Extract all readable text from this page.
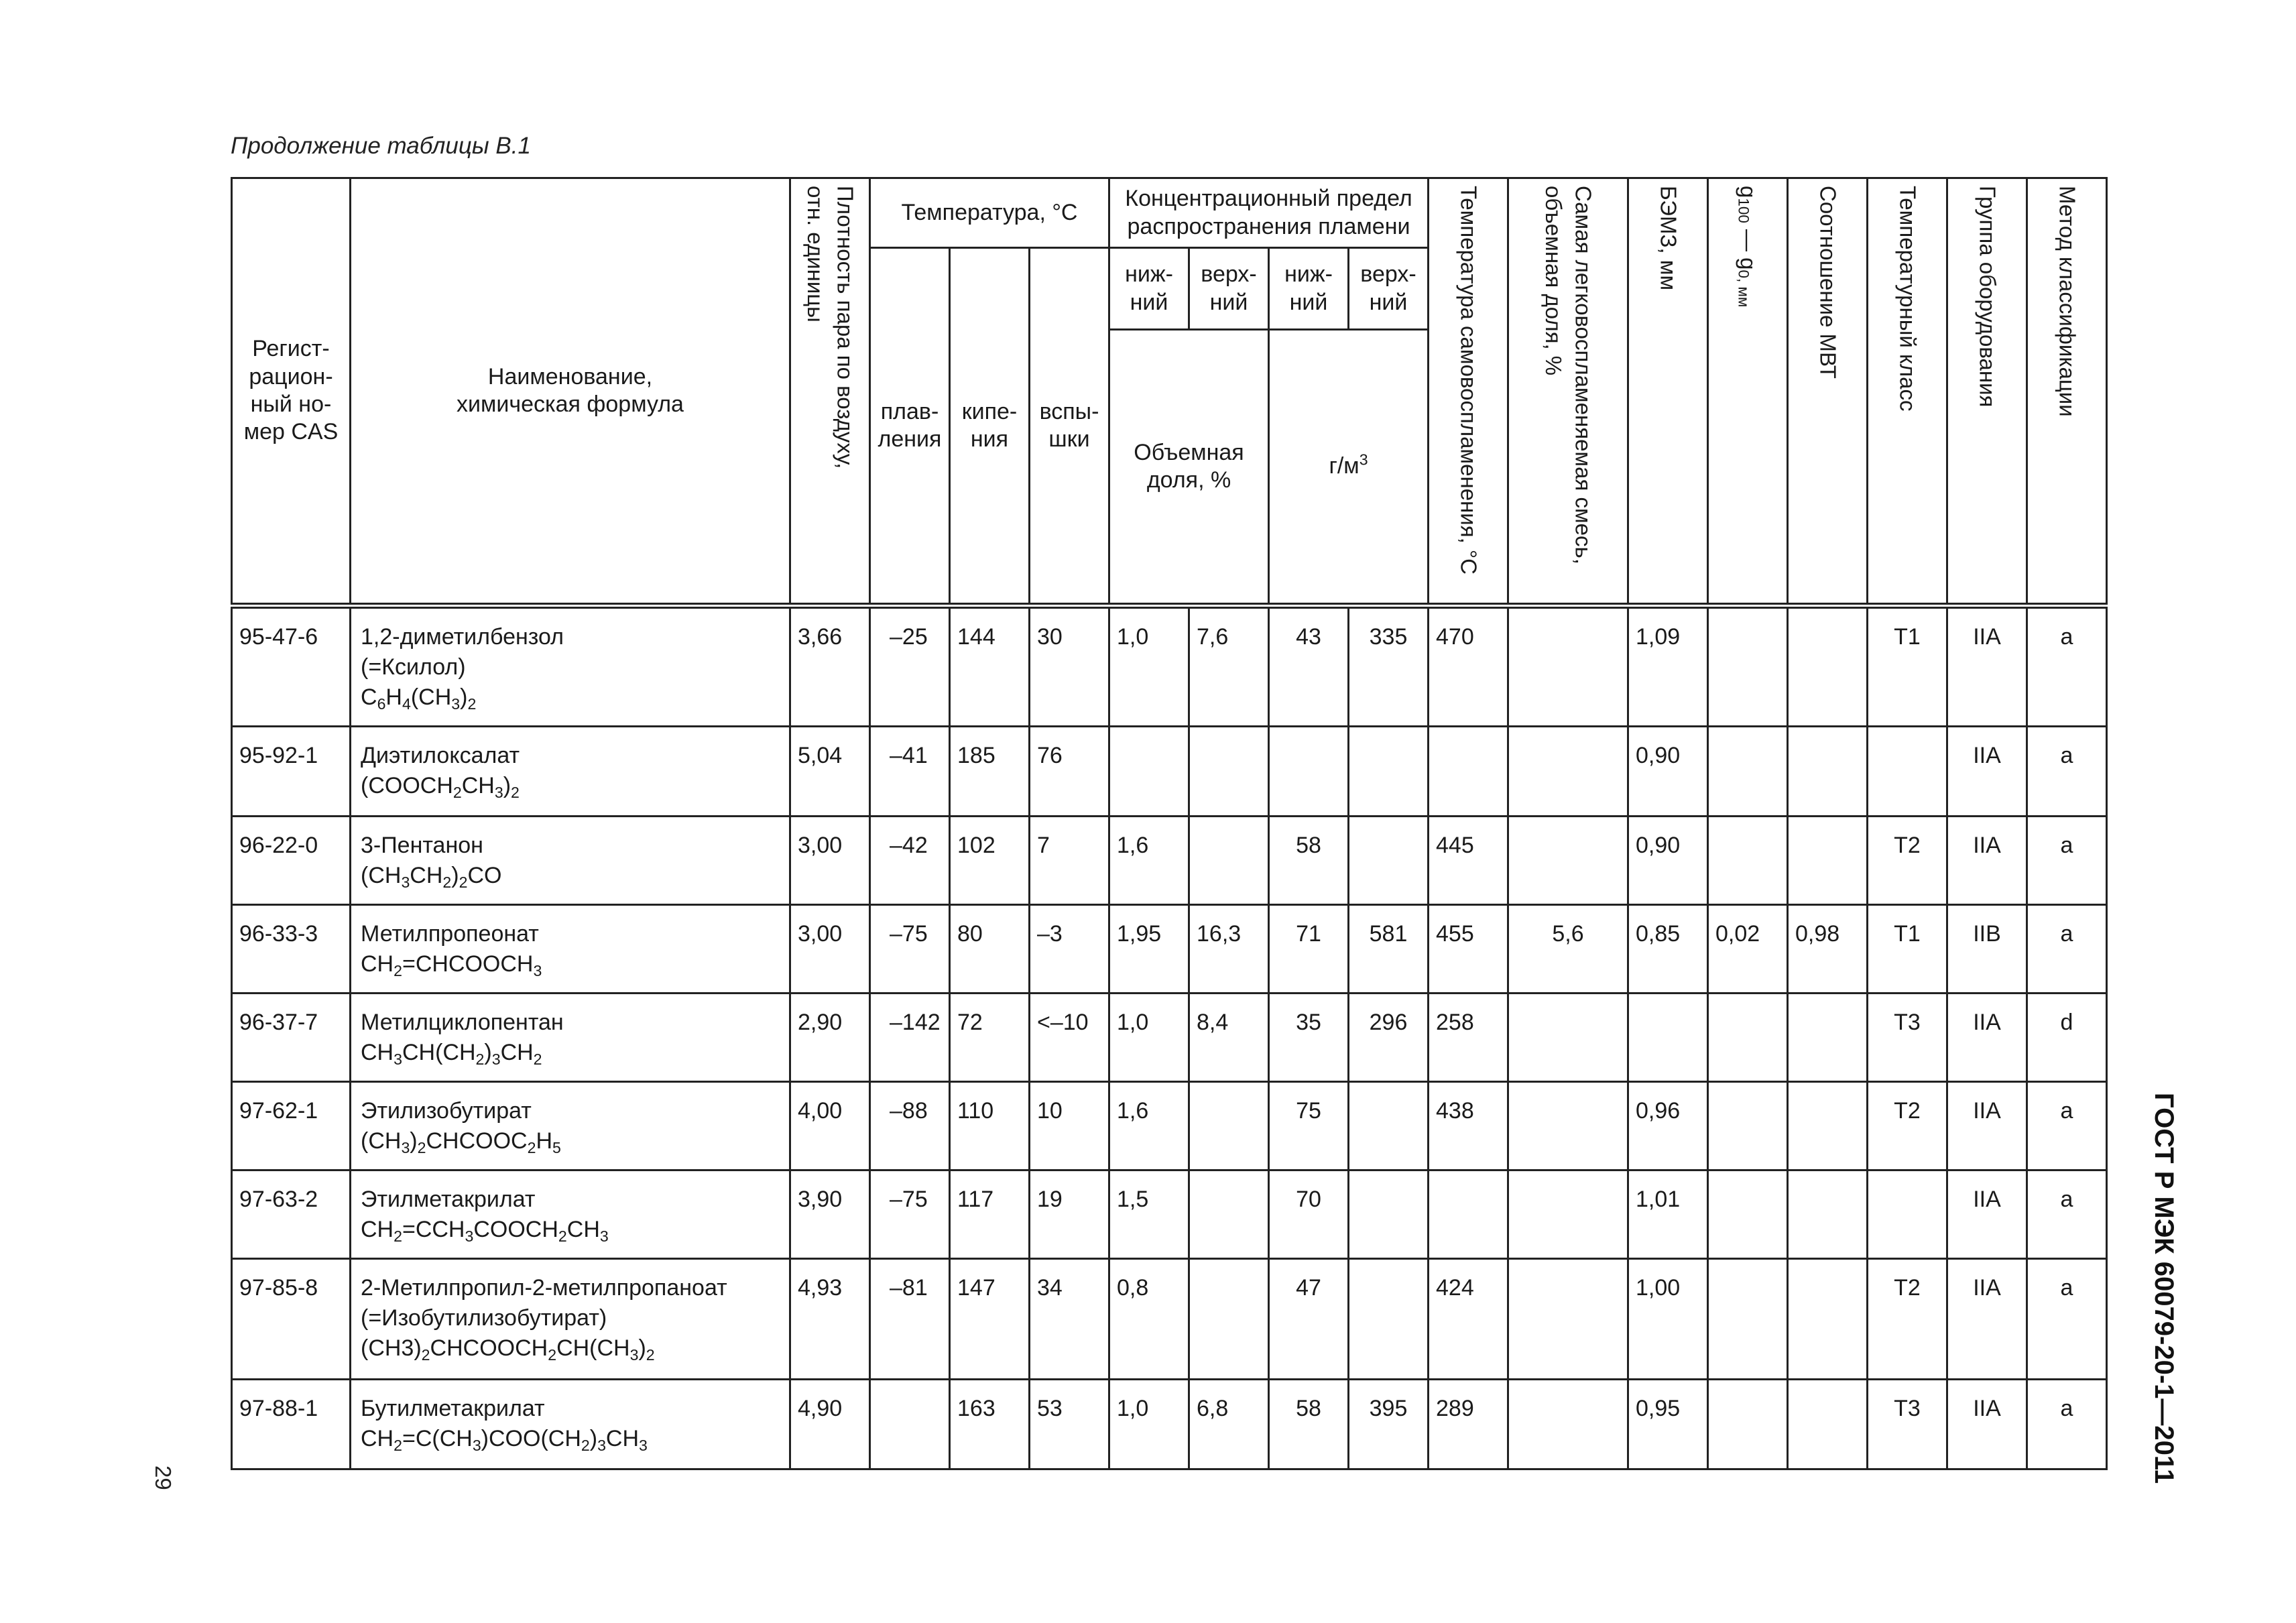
Продолжение таблицы В.1
29	ГОСТ Р МЭК 60079-20-1—2011
Регист-рацион-ный но-мер CAS	Наименование, химическая формула	Плотность пара по воздуху, отн. единицы	Температура, °С			Концентрационный предел распространения пламени				Температура самовоспламенения, °С	Самая легковоспламеняемая смесь, объемная доля, %	БЭМЗ, мм	$g_{100}$ — $g_{0, мм}$	Соотношение МВТ	Температурный класс	Группа оборудования	Метод классификации

			плав-ления	кипе-ния	вспы-шки	ниж-ний	верх-ний	ниж-ний	верх-ний								
						Объемная доля, %		$г/м^3$
95-47-6	1,2-диметилбензол
(=Ксилол)
$C_6H_4(CH_3)_2$	3,66	–25	144	30	1,0	7,6	43	335	470		1,09			T1	IIA	a
95-92-1	Диэтилоксалат
$(COOCH_2CH_3)_2$	5,04	–41	185	76							0,90				IIA	a
96-22-0	3-Пентанон
$(CH_3CH_2)_2CO$	3,00	–42	102	7	1,6		58		445		0,90			T2	IIA	a
96-33-3	Метилпропеонат
$CH_2=CHCOOCH_3$	3,00	–75	80	–3	1,95	16,3	71	581	455	5,6	0,85	0,02	0,98	T1	IIB	a
96-37-7	Метилциклопентан
$CH_3CH(CH_2)_3CH_2$	2,90	–142	72	<–10	1,0	8,4	35	296	258					T3	IIA	d
97-62-1	Этилизобутират
$(CH_3)_2CHCOOC_2H_5$	4,00	–88	110	10	1,6		75		438		0,96			T2	IIA	a
97-63-2	Этилметакрилат
$CH_2=CCH_3COOCH_2CH_3$	3,90	–75	117	19	1,5		70				1,01				IIA	a
97-85-8	2-Метилпропил-2-метилпропаноат
(=Изобутилизобутират)
$(CH3)_2CHCOOCH_2CH(CH_3)_2$	4,93	–81	147	34	0,8		47		424		1,00			T2	IIA	a
97-88-1	Бутилметакрилат
$CH_2=C(CH_3)COO(CH_2)_3CH_3$	4,90		163	53	1,0	6,8	58	395	289		0,95			T3	IIA	a
